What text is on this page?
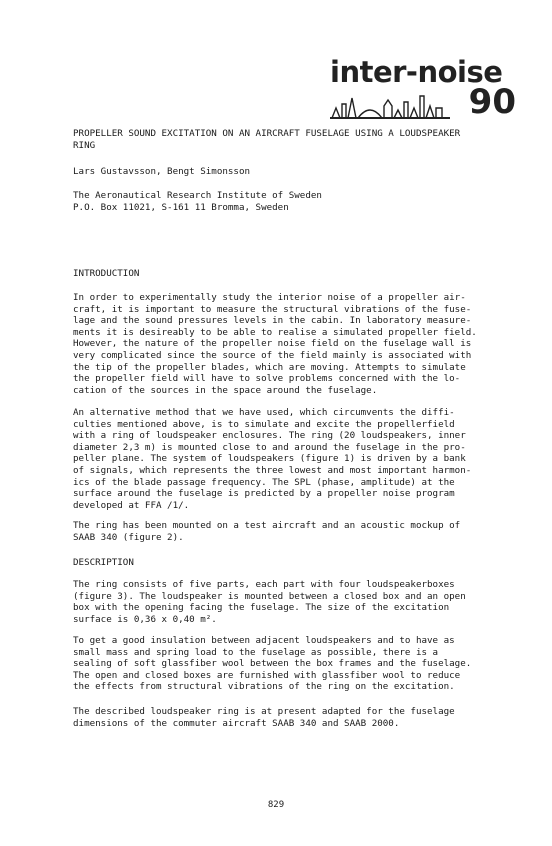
inter-noise
90
PROPELLER SOUND EXCITATION ON AN AIRCRAFT FUSELAGE USING A LOUDSPEAKER
RING
Lars Gustavsson, Bengt Simonsson
The Aeronautical Research Institute of Sweden
P.O. Box 11021, S-161 11 Bromma, Sweden
INTRODUCTION
In order to experimentally study the interior noise of a propeller air-
craft, it is important to measure the structural vibrations of the fuse-
lage and the sound pressures levels in the cabin. In laboratory measure-
ments it is desireably to be able to realise a simulated propeller field.
However, the nature of the propeller noise field on the fuselage wall is
very complicated since the source of the field mainly is associated with
the tip of the propeller blades, which are moving. Attempts to simulate
the propeller field will have to solve problems concerned with the lo-
cation of the sources in the space around the fuselage.
An alternative method that we have used, which circumvents the diffi-
culties mentioned above, is to simulate and excite the propellerfield
with a ring of loudspeaker enclosures. The ring (20 loudspeakers, inner
diameter 2,3 m) is mounted close to and around the fuselage in the pro-
peller plane. The system of loudspeakers (figure 1) is driven by a bank
of signals, which represents the three lowest and most important harmon-
ics of the blade passage frequency. The SPL (phase, amplitude) at the
surface around the fuselage is predicted by a propeller noise program
developed at FFA /1/.
The ring has been mounted on a test aircraft and an acoustic mockup of
SAAB 340 (figure 2).
DESCRIPTION
The ring consists of five parts, each part with four loudspeakerboxes
(figure 3). The loudspeaker is mounted between a closed box and an open
box with the opening facing the fuselage. The size of the excitation
surface is 0,36 x 0,40 m².
To get a good insulation between adjacent loudspeakers and to have as
small mass and spring load to the fuselage as possible, there is a
sealing of soft glassfiber wool between the box frames and the fuselage.
The open and closed boxes are furnished with glassfiber wool to reduce
the effects from structural vibrations of the ring on the excitation.
The described loudspeaker ring is at present adapted for the fuselage
dimensions of the commuter aircraft SAAB 340 and SAAB 2000.
829
